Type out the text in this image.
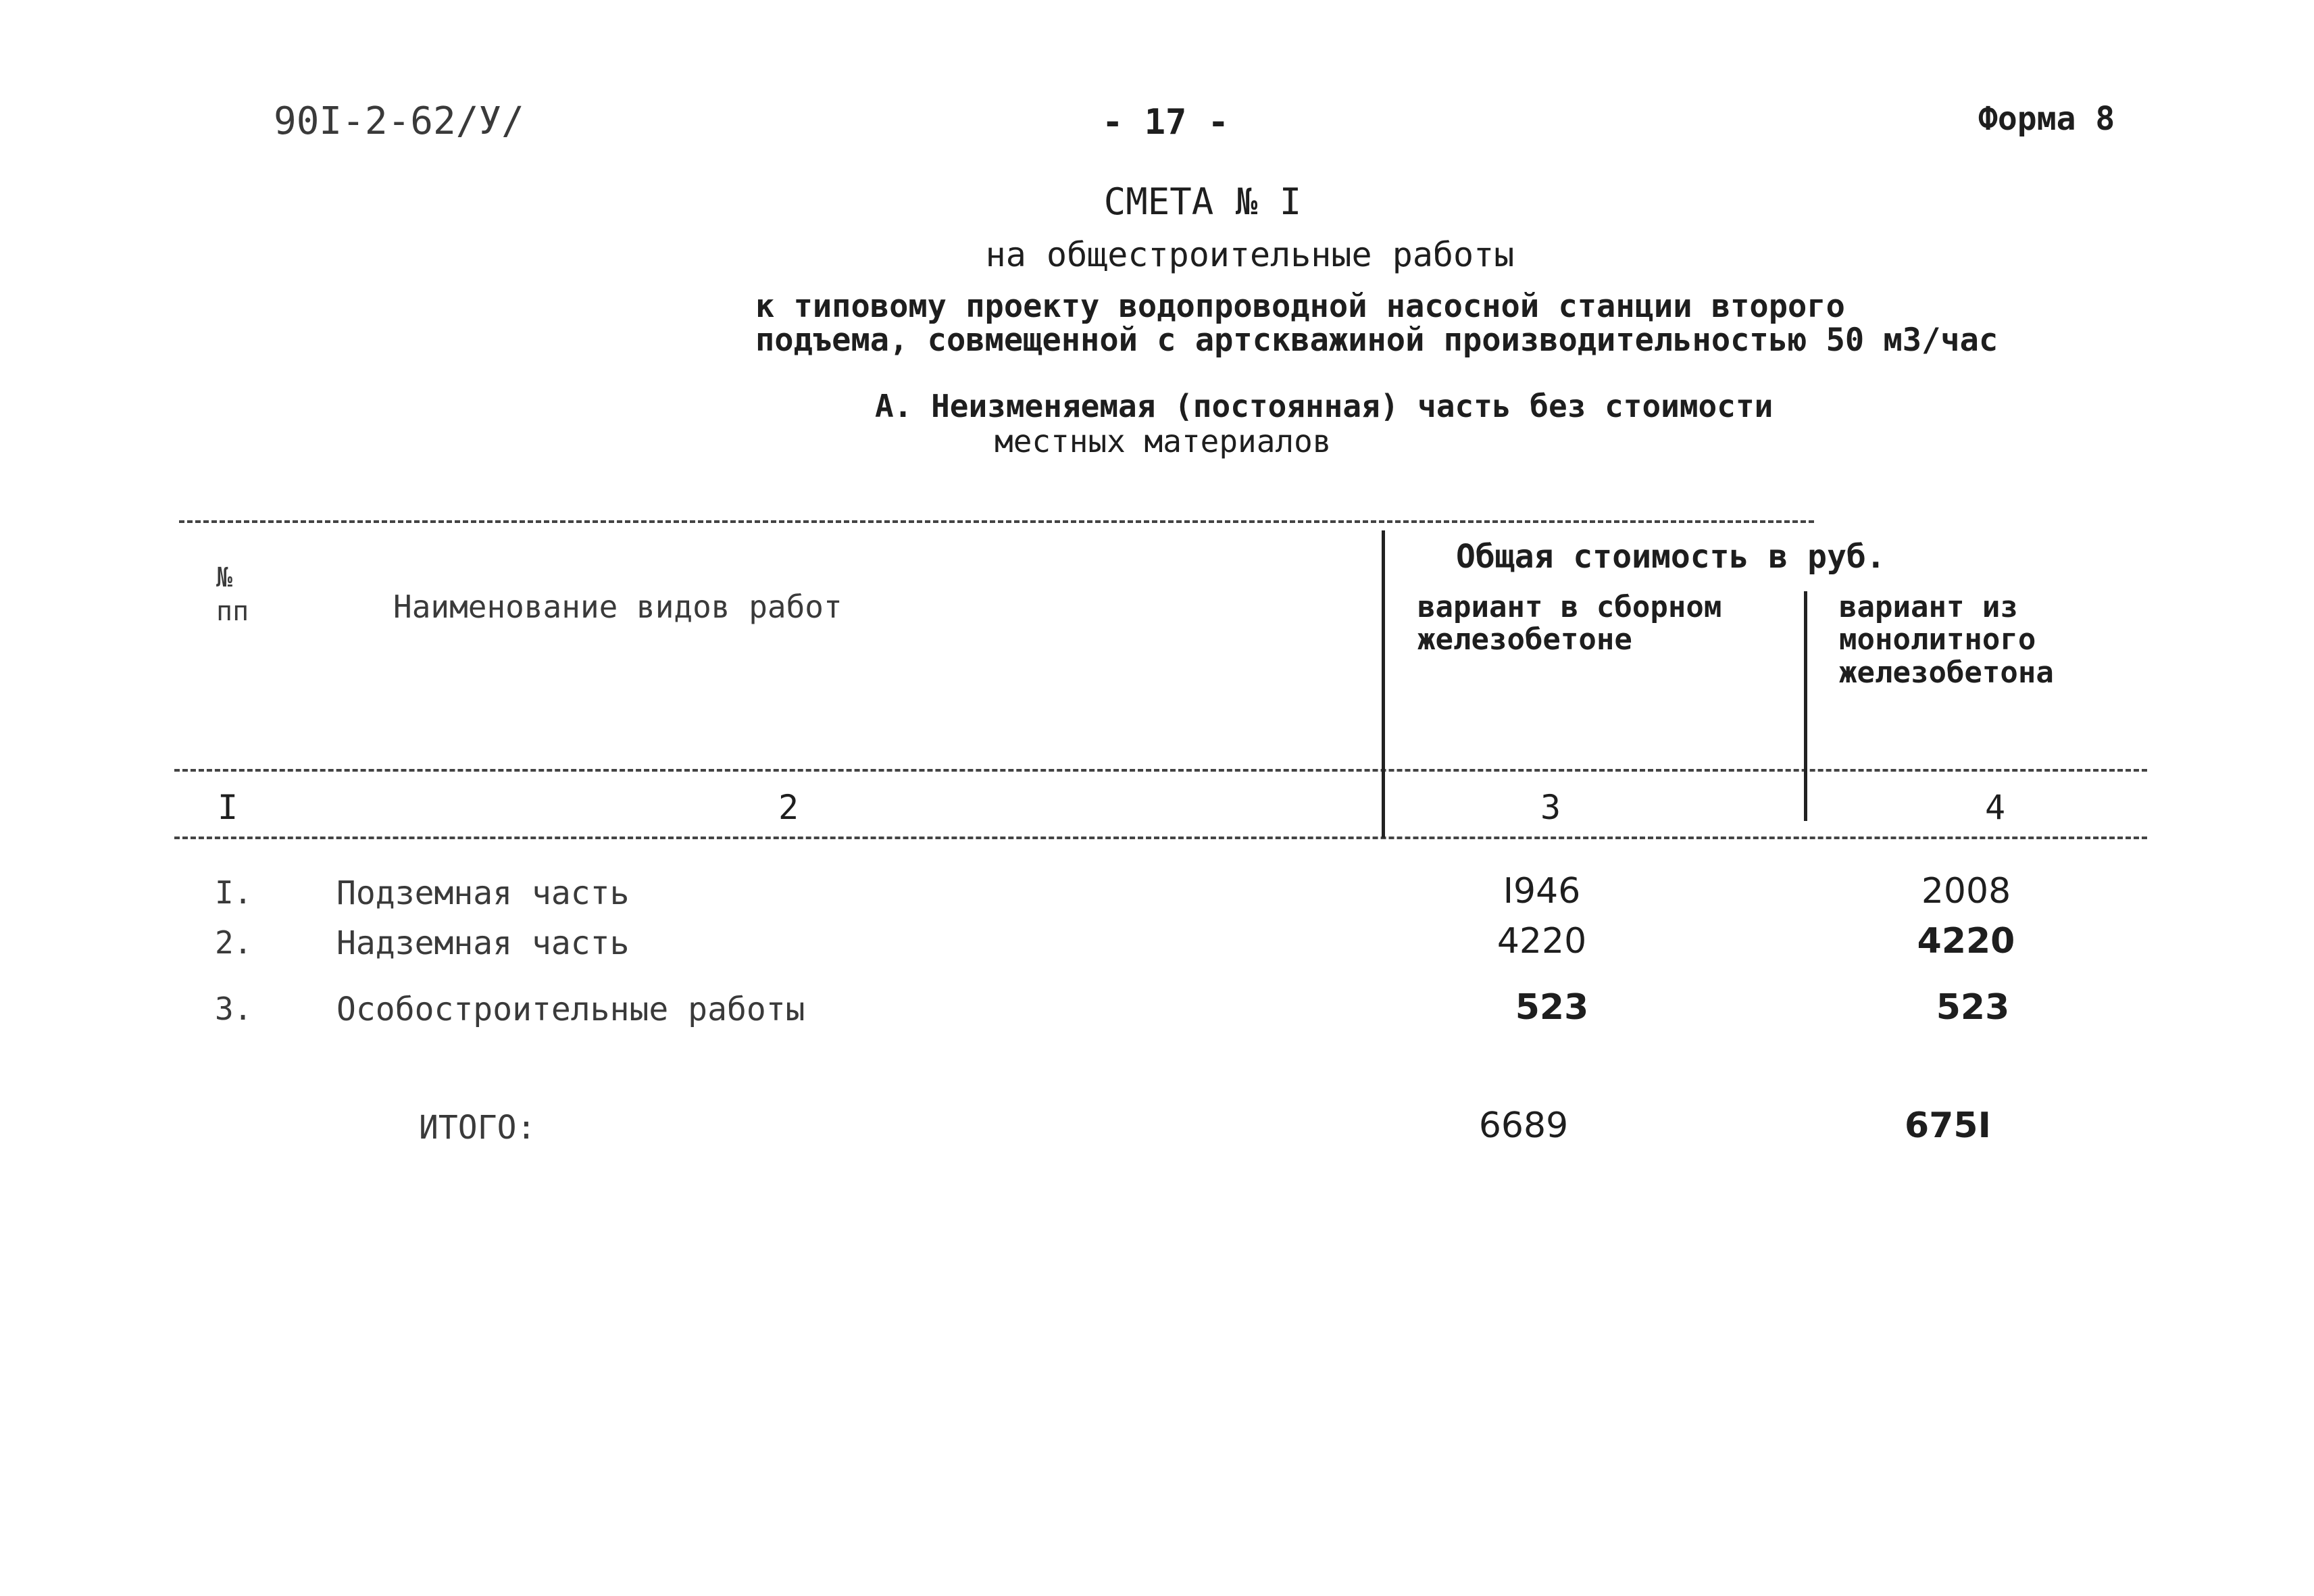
90I-2-62/У/	- 17 -	Форма 8
СМЕТА № I
на общестроительные работы
к типовому проекту водопроводной насосной станции второго
подъема, совмещенной с артскважиной производительностью 50 м3/час
А. Неизменяемая (постоянная) часть без стоимости
местных материалов
№
пп	Наименование видов работ
Общая стоимость в руб.
вариант в сборном
железобетоне
вариант из
монолитного
железобетона
I	2	3	4
I.	Подземная часть	I946	2008
2.	Надземная часть	4220	4220
3.	Особостроительные работы	523	523
ИТОГО:	6689	675I
